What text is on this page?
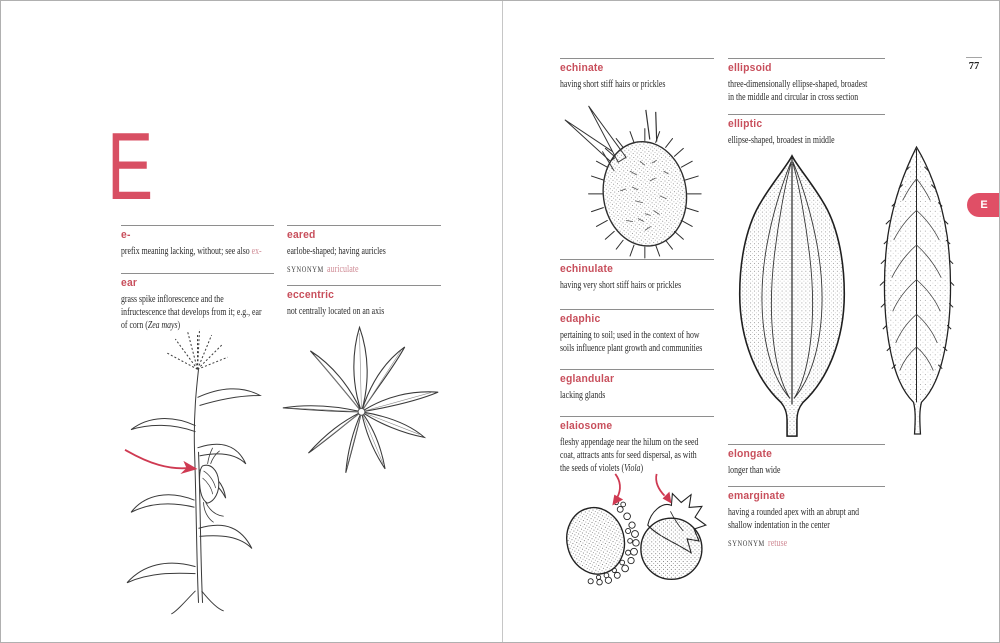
E
e-
prefix meaning lacking, without; see also ex-
ear
grass spike inflorescence and the
infructescence that develops from it; e.g., ear
of corn (Zea mays)
eared
earlobe-shaped; having auricles
SYNONYM auriculate
eccentric
not centrally located on an axis
echinate
having short stiff hairs or prickles
echinulate
having very short stiff hairs or prickles
edaphic
pertaining to soil; used in the context of how
soils influence plant growth and communities
eglandular
lacking glands
elaiosome
fleshy appendage near the hilum on the seed
coat, attracts ants for seed dispersal, as with
the seeds of violets (Viola)
ellipsoid
three-dimensionally ellipse-shaped, broadest
in the middle and circular in cross section
elliptic
ellipse-shaped, broadest in middle
elongate
longer than wide
emarginate
having a rounded apex with an abrupt and
shallow indentation in the center
SYNONYM retuse
77
E
